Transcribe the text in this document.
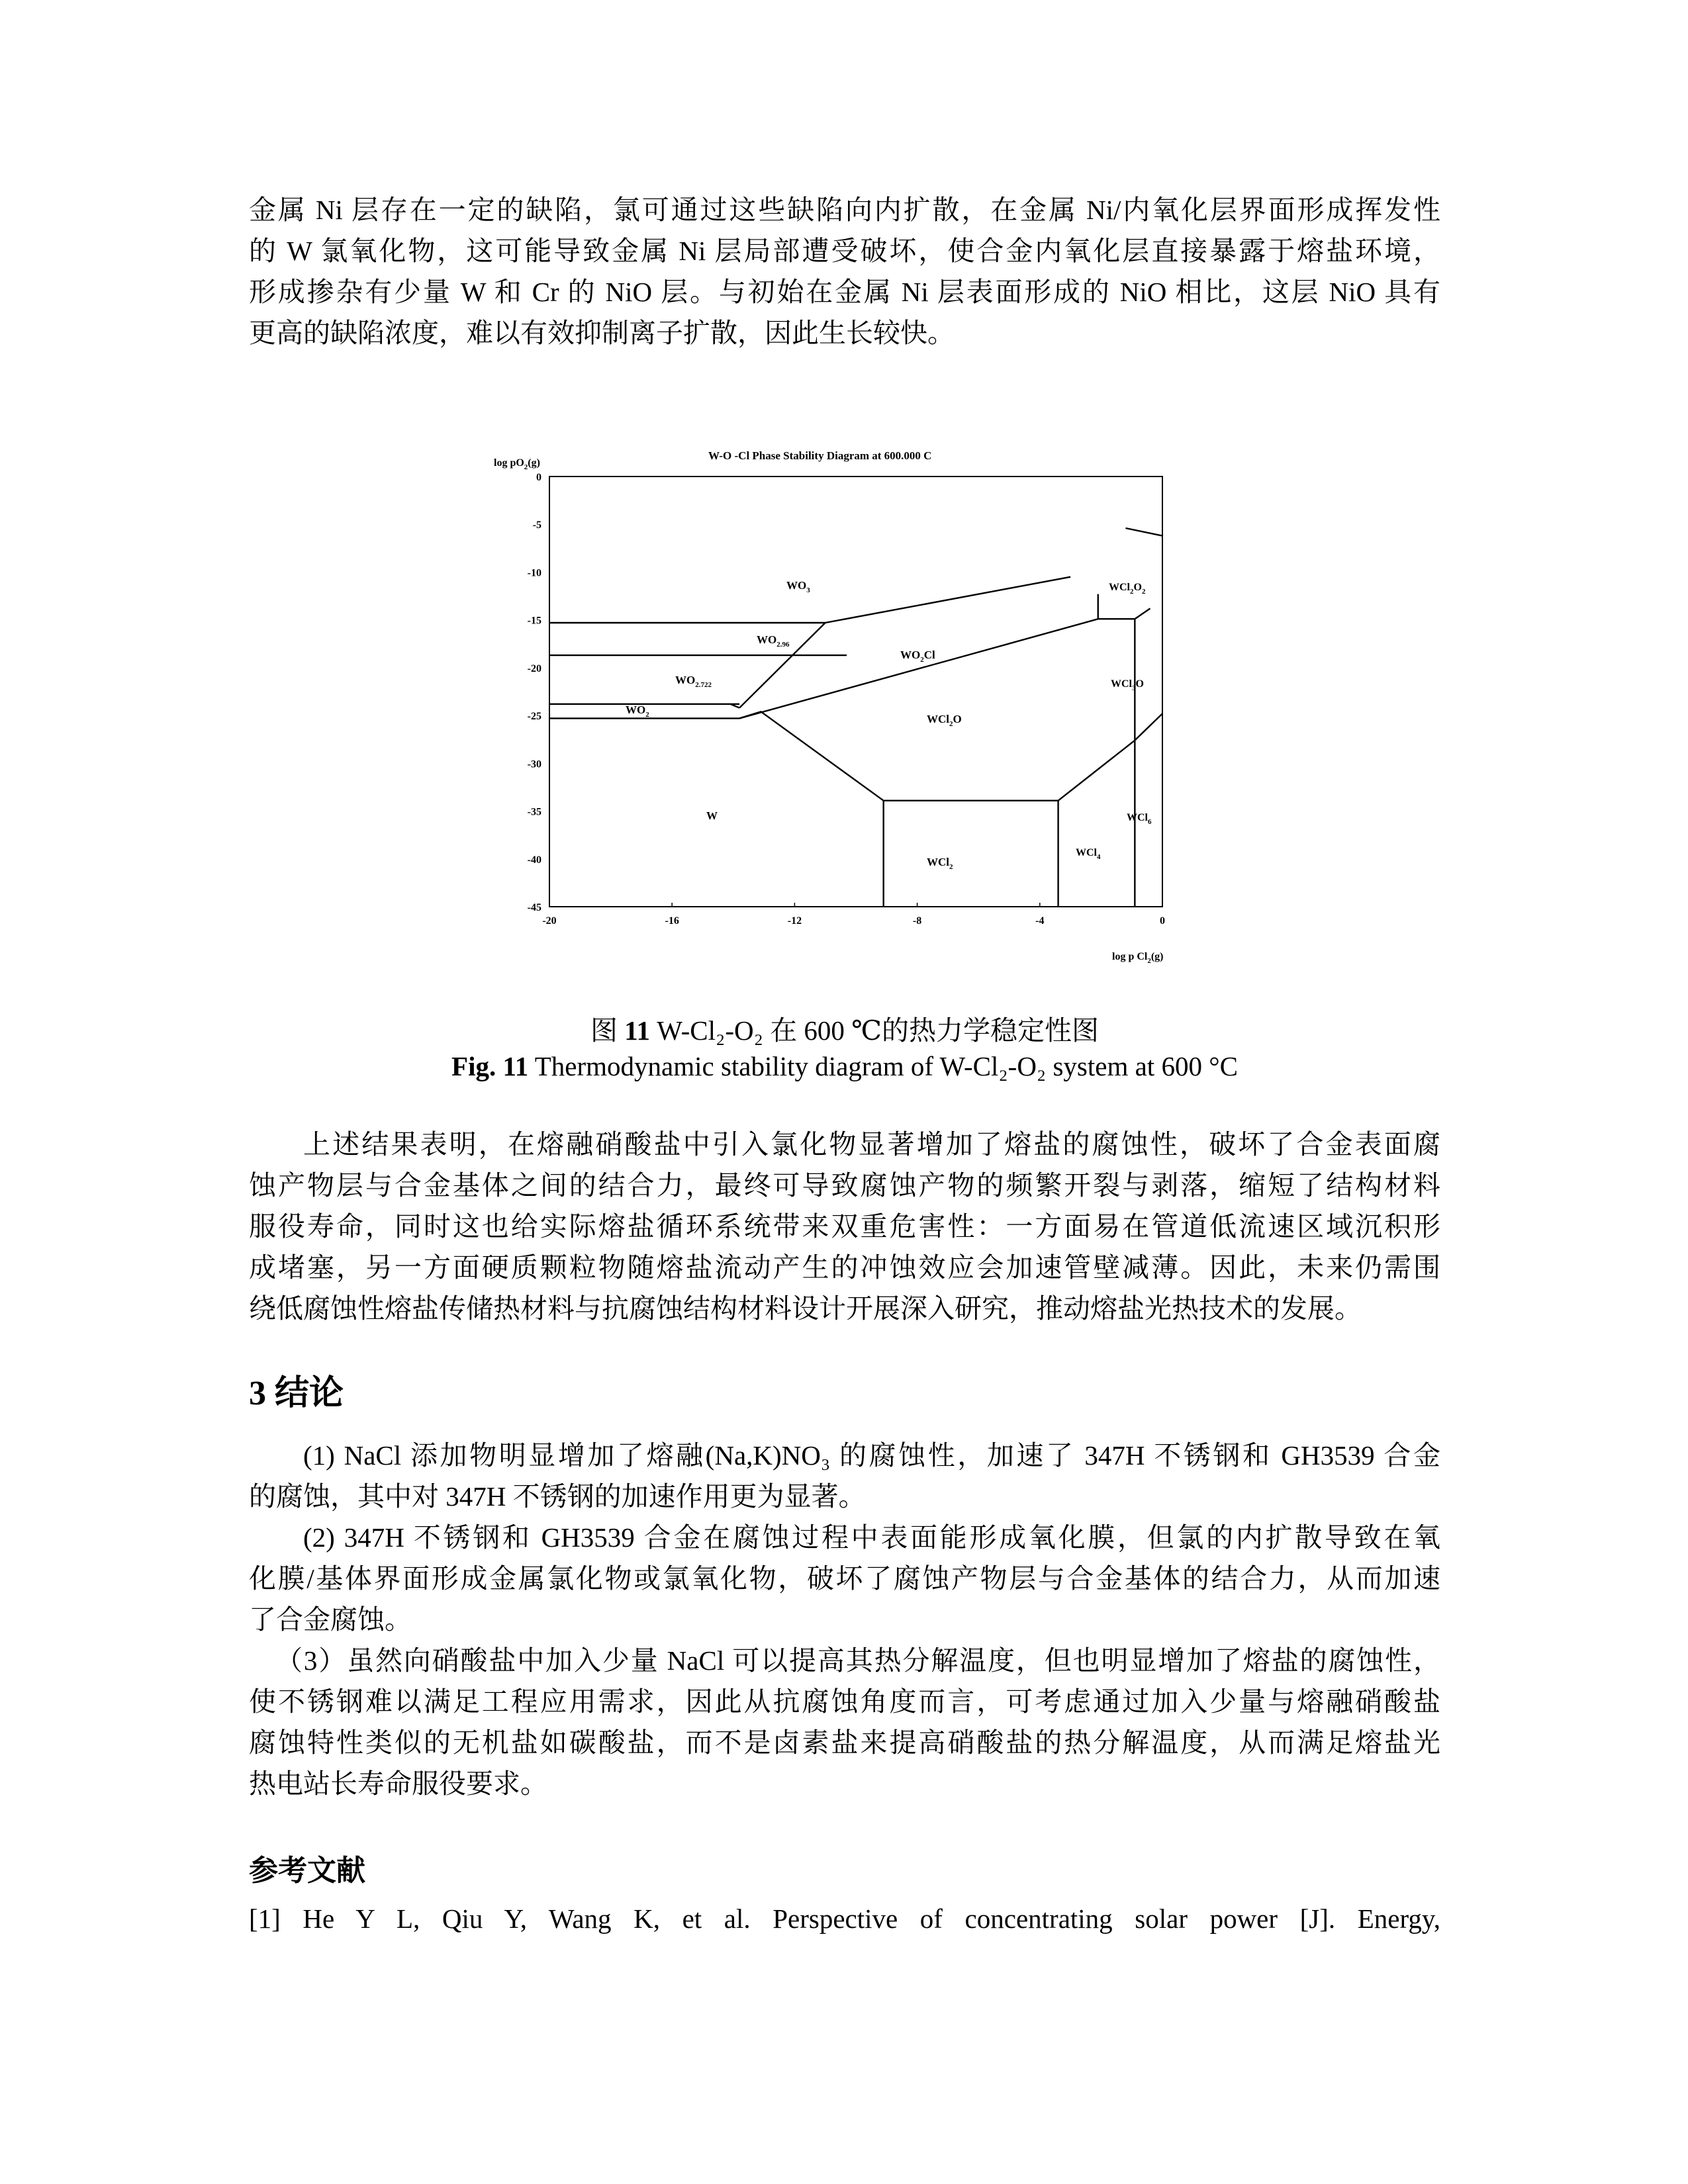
金属 Ni 层存在一定的缺陷，氯可通过这些缺陷向内扩散，在金属 Ni/内氧化层界面形成挥发性
的 W 氯氧化物，这可能导致金属 Ni 层局部遭受破坏，使合金内氧化层直接暴露于熔盐环境，
形成掺杂有少量 W 和 Cr 的 NiO 层。与初始在金属 Ni 层表面形成的 NiO 相比，这层 NiO 具有
更高的缺陷浓度，难以有效抑制离子扩散，因此生长较快。
W-O -Cl Phase Stability Diagram at 600.000 C
$\log pO_2(g)$
log p $Cl_2(g)$
-20	-16	-12	-8	-4	0
0
-5
-10
-15
-20
-25
-30
-35
-40
-45
$WO_3$
$WO_{2.96}$
$WO_{2.722}$
$WO_2$
W
$WO_2Cl$
WCl$_2$O
$WCl_2O_2$
WCl$_3$O
WCl$_2$
WCl$_4$
WCl$_6$

图 11 W-Cl₂-O₂ 在 600 ℃的热力学稳定性图

Fig. 11 Thermodynamic stability diagram of W-Cl₂-O₂ system at 600 °C

上述结果表明，在熔融硝酸盐中引入氯化物显著增加了熔盐的腐蚀性，破坏了合金表面腐
蚀产物层与合金基体之间的结合力，最终可导致腐蚀产物的频繁开裂与剥落，缩短了结构材料
服役寿命，同时这也给实际熔盐循环系统带来双重危害性：一方面易在管道低流速区域沉积形
成堵塞，另一方面硬质颗粒物随熔盐流动产生的冲蚀效应会加速管壁减薄。因此，未来仍需围
绕低腐蚀性熔盐传储热材料与抗腐蚀结构材料设计开展深入研究，推动熔盐光热技术的发展。
3 结论
(1) NaCl 添加物明显增加了熔融(Na,K)NO₃ 的腐蚀性，加速了 347H 不锈钢和 GH3539 合金
的腐蚀，其中对 347H 不锈钢的加速作用更为显著。
(2) 347H 不锈钢和 GH3539 合金在腐蚀过程中表面能形成氧化膜，但氯的内扩散导致在氧
化膜/基体界面形成金属氯化物或氯氧化物，破坏了腐蚀产物层与合金基体的结合力，从而加速
了合金腐蚀。
（3）虽然向硝酸盐中加入少量 NaCl 可以提高其热分解温度，但也明显增加了熔盐的腐蚀性，
使不锈钢难以满足工程应用需求，因此从抗腐蚀角度而言，可考虑通过加入少量与熔融硝酸盐
腐蚀特性类似的无机盐如碳酸盐，而不是卤素盐来提高硝酸盐的热分解温度，从而满足熔盐光
热电站长寿命服役要求。
参考文献
[1] He Y L, Qiu Y, Wang K, et al. Perspective of concentrating solar power [J]. Energy,
